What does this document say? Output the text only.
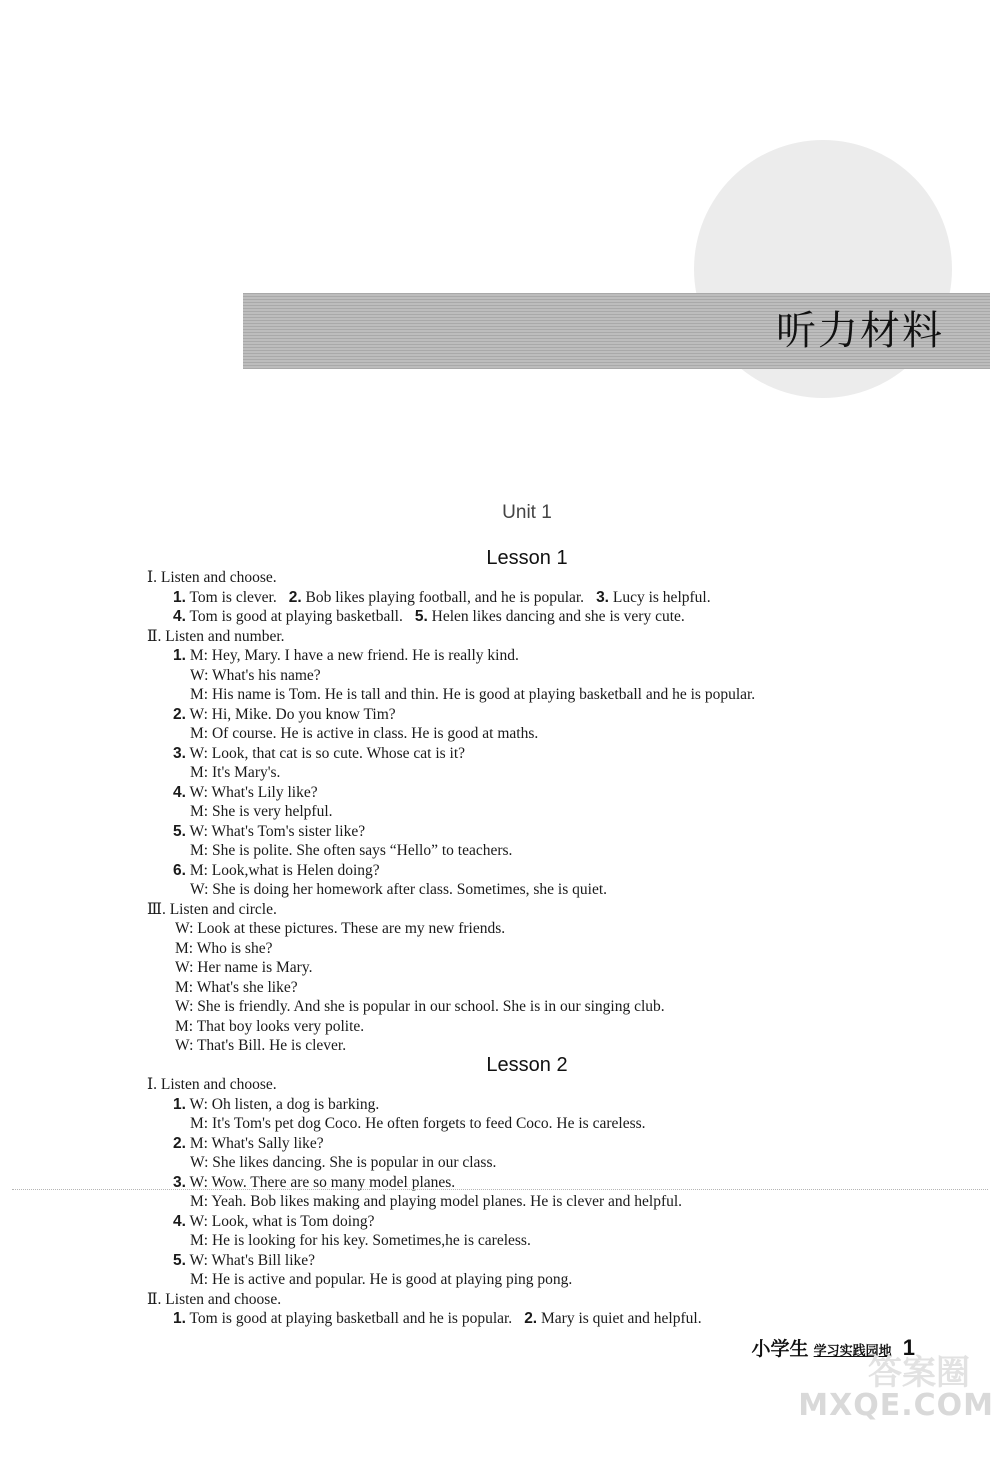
听力材料
Unit 1
Lesson 1
Ⅰ. Listen and choose.
1. Tom is clever. 2. Bob likes playing football, and he is popular. 3. Lucy is helpful.
4. Tom is good at playing basketball. 5. Helen likes dancing and she is very cute.
Ⅱ. Listen and number.
1. M: Hey, Mary. I have a new friend. He is really kind.
W: What's his name?
M: His name is Tom. He is tall and thin. He is good at playing basketball and he is popular.
2. W: Hi, Mike. Do you know Tim?
M: Of course. He is active in class. He is good at maths.
3. W: Look, that cat is so cute. Whose cat is it?
M: It's Mary's.
4. W: What's Lily like?
M: She is very helpful.
5. W: What's Tom's sister like?
M: She is polite. She often says “Hello” to teachers.
6. M: Look,what is Helen doing?
W: She is doing her homework after class. Sometimes, she is quiet.
Ⅲ. Listen and circle.
W: Look at these pictures. These are my new friends.
M: Who is she?
W: Her name is Mary.
M: What's she like?
W: She is friendly. And she is popular in our school. She is in our singing club.
M: That boy looks very polite.
W: That's Bill. He is clever.
Lesson 2
Ⅰ. Listen and choose.
1. W: Oh listen, a dog is barking.
M: It's Tom's pet dog Coco. He often forgets to feed Coco. He is careless.
2. M: What's Sally like?
W: She likes dancing. She is popular in our class.
3. W: Wow. There are so many model planes.
M: Yeah. Bob likes making and playing model planes. He is clever and helpful.
4. W: Look, what is Tom doing?
M: He is looking for his key. Sometimes,he is careless.
5. W: What's Bill like?
M: He is active and popular. He is good at playing ping pong.
Ⅱ. Listen and choose.
1. Tom is good at playing basketball and he is popular. 2. Mary is quiet and helpful.
小学生 学习实践园地 1
答案圈
MXQE.COM
